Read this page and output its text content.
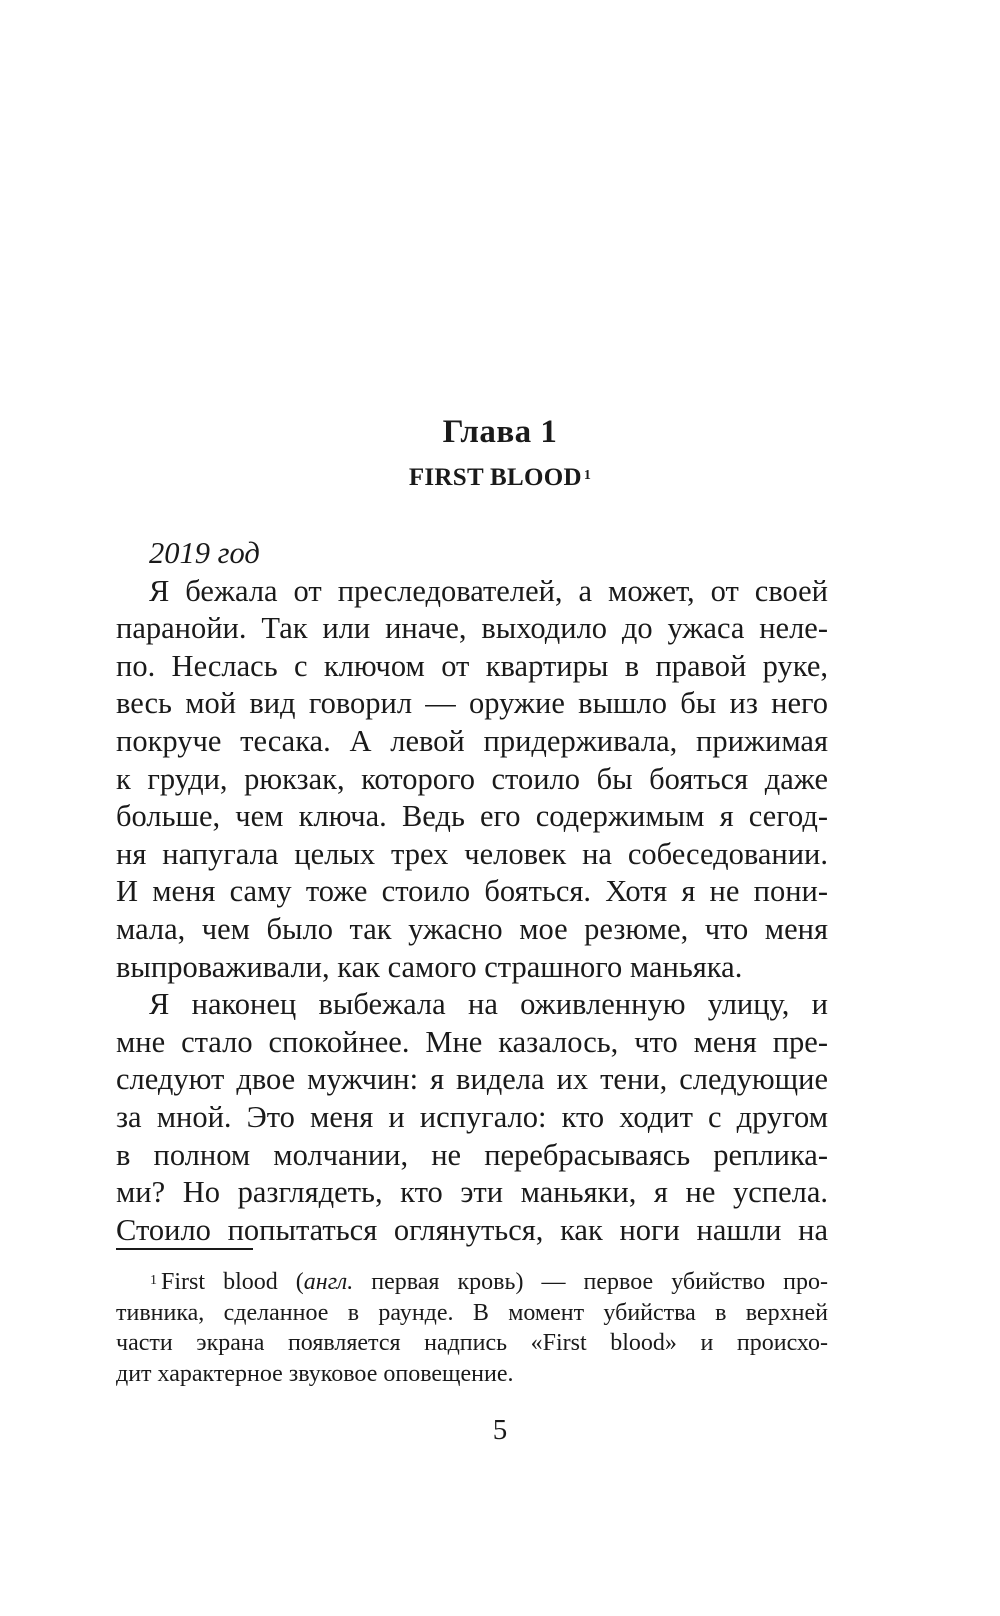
Глава 1
FIRST BLOOD $^1$
2019 год
Я бежала от преследователей, а может, от своей
паранойи. Так или иначе, выходило до ужаса неле-
по. Неслась с ключом от квартиры в правой руке,
весь мой вид говорил — оружие вышло бы из него
покруче тесака. А левой придерживала, прижимая
к груди, рюкзак, которого стоило бы бояться даже
больше, чем ключа. Ведь его содержимым я сегод-
ня напугала целых трех человек на собеседовании.
И меня саму тоже стоило бояться. Хотя я не пони-
мала, чем было так ужасно мое резюме, что меня
выпроваживали, как самого страшного маньяка.
Я наконец выбежала на оживленную улицу, и
мне стало спокойнее. Мне казалось, что меня пре-
следуют двое мужчин: я видела их тени, следующие
за мной. Это меня и испугало: кто ходит с другом
в полном молчании, не перебрасываясь реплика-
ми? Но разглядеть, кто эти маньяки, я не успела.
Стоило попытаться оглянуться, как ноги нашли на
$^1$ First blood (англ. первая кровь) — первое убийство про-
тивника, сделанное в раунде. В момент убийства в верхней
части экрана появляется надпись «First blood» и происхо-
дит характерное звуковое оповещение.
5
